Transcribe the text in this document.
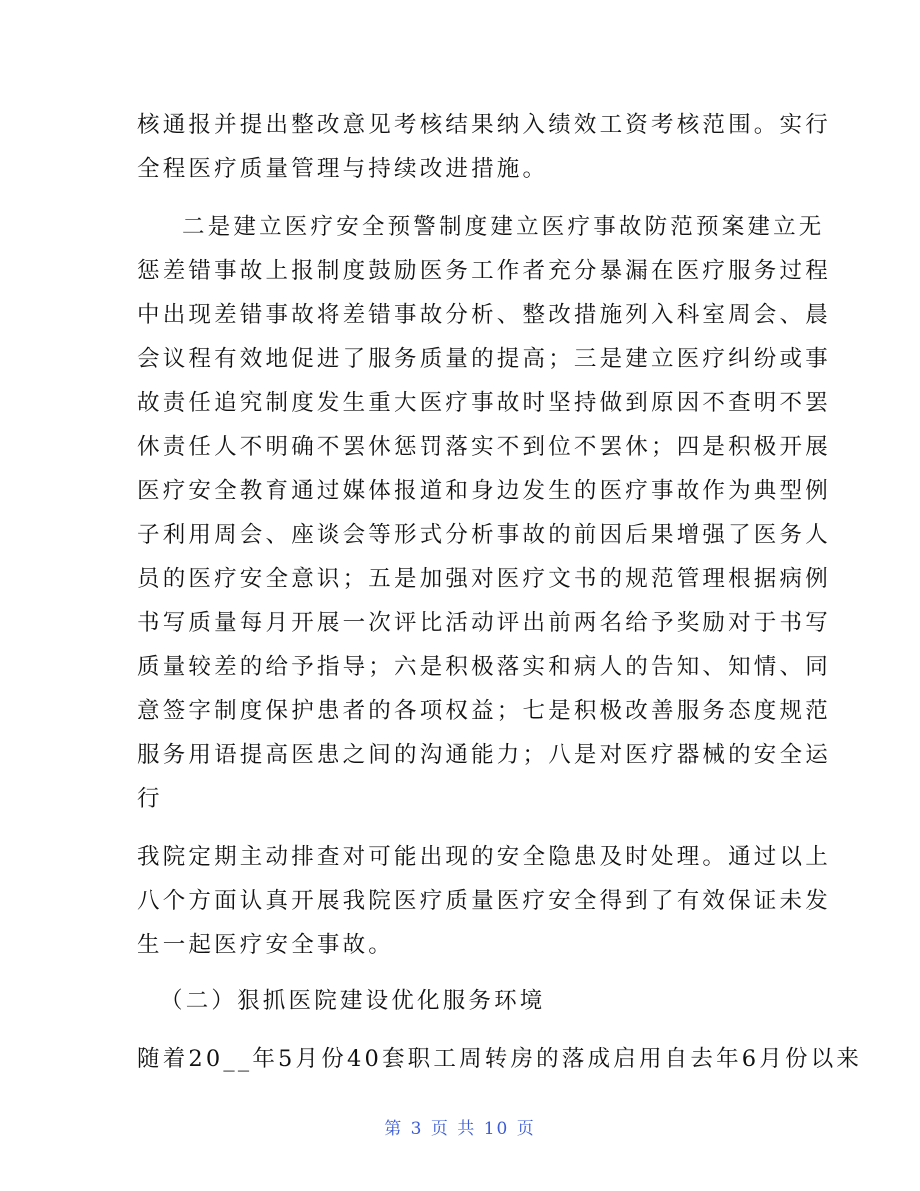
核通报并提出整改意见考核结果纳入绩效工资考核范围。实行
全程医疗质量管理与持续改进措施。
二是建立医疗安全预警制度建立医疗事故防范预案建立无
惩差错事故上报制度鼓励医务工作者充分暴漏在医疗服务过程
中出现差错事故将差错事故分析、整改措施列入科室周会、晨
会议程有效地促进了服务质量的提高；三是建立医疗纠纷或事
故责任追究制度发生重大医疗事故时坚持做到原因不查明不罢
休责任人不明确不罢休惩罚落实不到位不罢休；四是积极开展
医疗安全教育通过媒体报道和身边发生的医疗事故作为典型例
子利用周会、座谈会等形式分析事故的前因后果增强了医务人
员的医疗安全意识；五是加强对医疗文书的规范管理根据病例
书写质量每月开展一次评比活动评出前两名给予奖励对于书写
质量较差的给予指导；六是积极落实和病人的告知、知情、同
意签字制度保护患者的各项权益；七是积极改善服务态度规范
服务用语提高医患之间的沟通能力；八是对医疗器械的安全运
行
我院定期主动排查对可能出现的安全隐患及时处理。通过以上
八个方面认真开展我院医疗质量医疗安全得到了有效保证未发
生一起医疗安全事故。
（二）狠抓医院建设优化服务环境
随着20__年5月份40套职工周转房的落成启用自去年6月份以来
第 3 页 共 10 页
